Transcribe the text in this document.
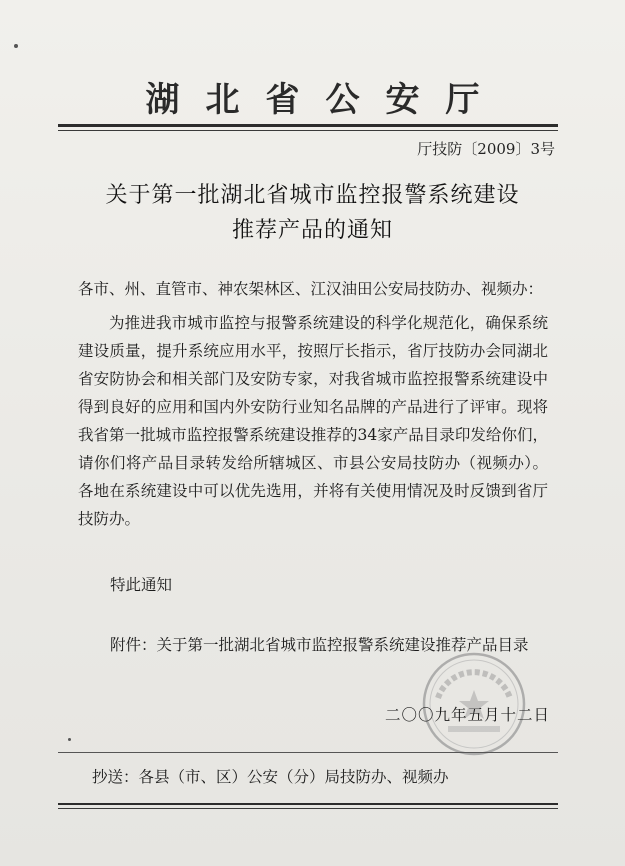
湖北省公安厅
厅技防〔2009〕3号
关于第一批湖北省城市监控报警系统建设
推荐产品的通知
各市、州、直管市、神农架林区、江汉油田公安局技防办、视频办：
为推进我市城市监控与报警系统建设的科学化规范化，确保系统建设质量，提升系统应用水平，按照厅长指示，省厅技防办会同湖北省安防协会和相关部门及安防专家，对我省城市监控报警系统建设中得到良好的应用和国内外安防行业知名品牌的产品进行了评审。现将我省第一批城市监控报警系统建设推荐的34家产品目录印发给你们，请你们将产品目录转发给所辖城区、市县公安局技防办（视频办）。各地在系统建设中可以优先选用，并将有关使用情况及时反馈到省厅技防办。
特此通知
附件：关于第一批湖北省城市监控报警系统建设推荐产品目录
二〇〇九年五月十二日
抄送：各县（市、区）公安（分）局技防办、视频办
